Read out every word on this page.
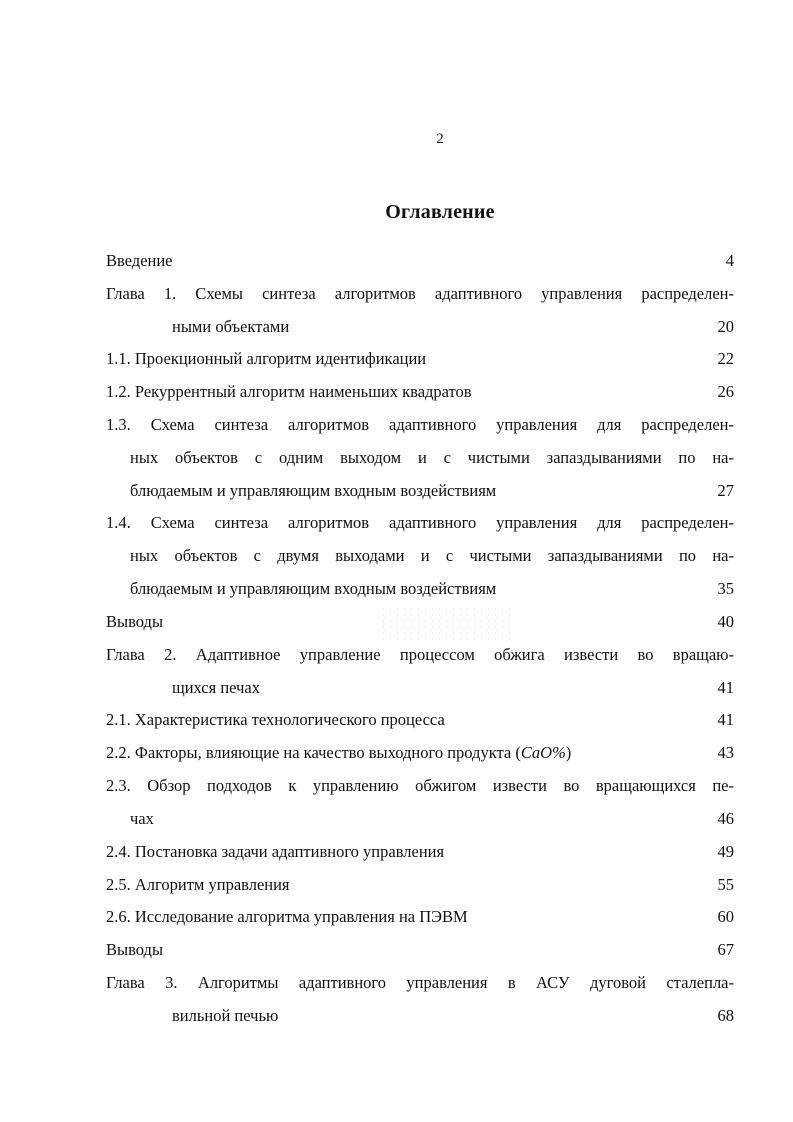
2
Оглавление
Введение	4
Глава 1. Схемы синтеза алгоритмов адаптивного управления распределен-
ными объектами	20
1.1. Проекционный алгоритм идентификации	22
1.2. Рекуррентный алгоритм наименьших квадратов	26
1.3. Схема синтеза алгоритмов адаптивного управления для распределен-
ных объектов с одним выходом и с чистыми запаздываниями по на-
блюдаемым и управляющим входным воздействиям	27
1.4. Схема синтеза алгоритмов адаптивного управления для распределен-
ных объектов с двумя выходами и с чистыми запаздываниями по на-
блюдаемым и управляющим входным воздействиям	35
Выводы	40
Глава 2. Адаптивное управление процессом обжига извести во вращаю-
щихся печах	41
2.1. Характеристика технологического процесса	41
2.2. Факторы, влияющие на качество выходного продукта (CaO%)	43
2.3. Обзор подходов к управлению обжигом извести во вращающихся пе-
чах	46
2.4. Постановка задачи адаптивного управления	49
2.5. Алгоритм управления	55
2.6. Исследование алгоритма управления на ПЭВМ	60
Выводы	67
Глава 3. Алгоритмы адаптивного управления в АСУ дуговой сталепла-
вильной печью	68
